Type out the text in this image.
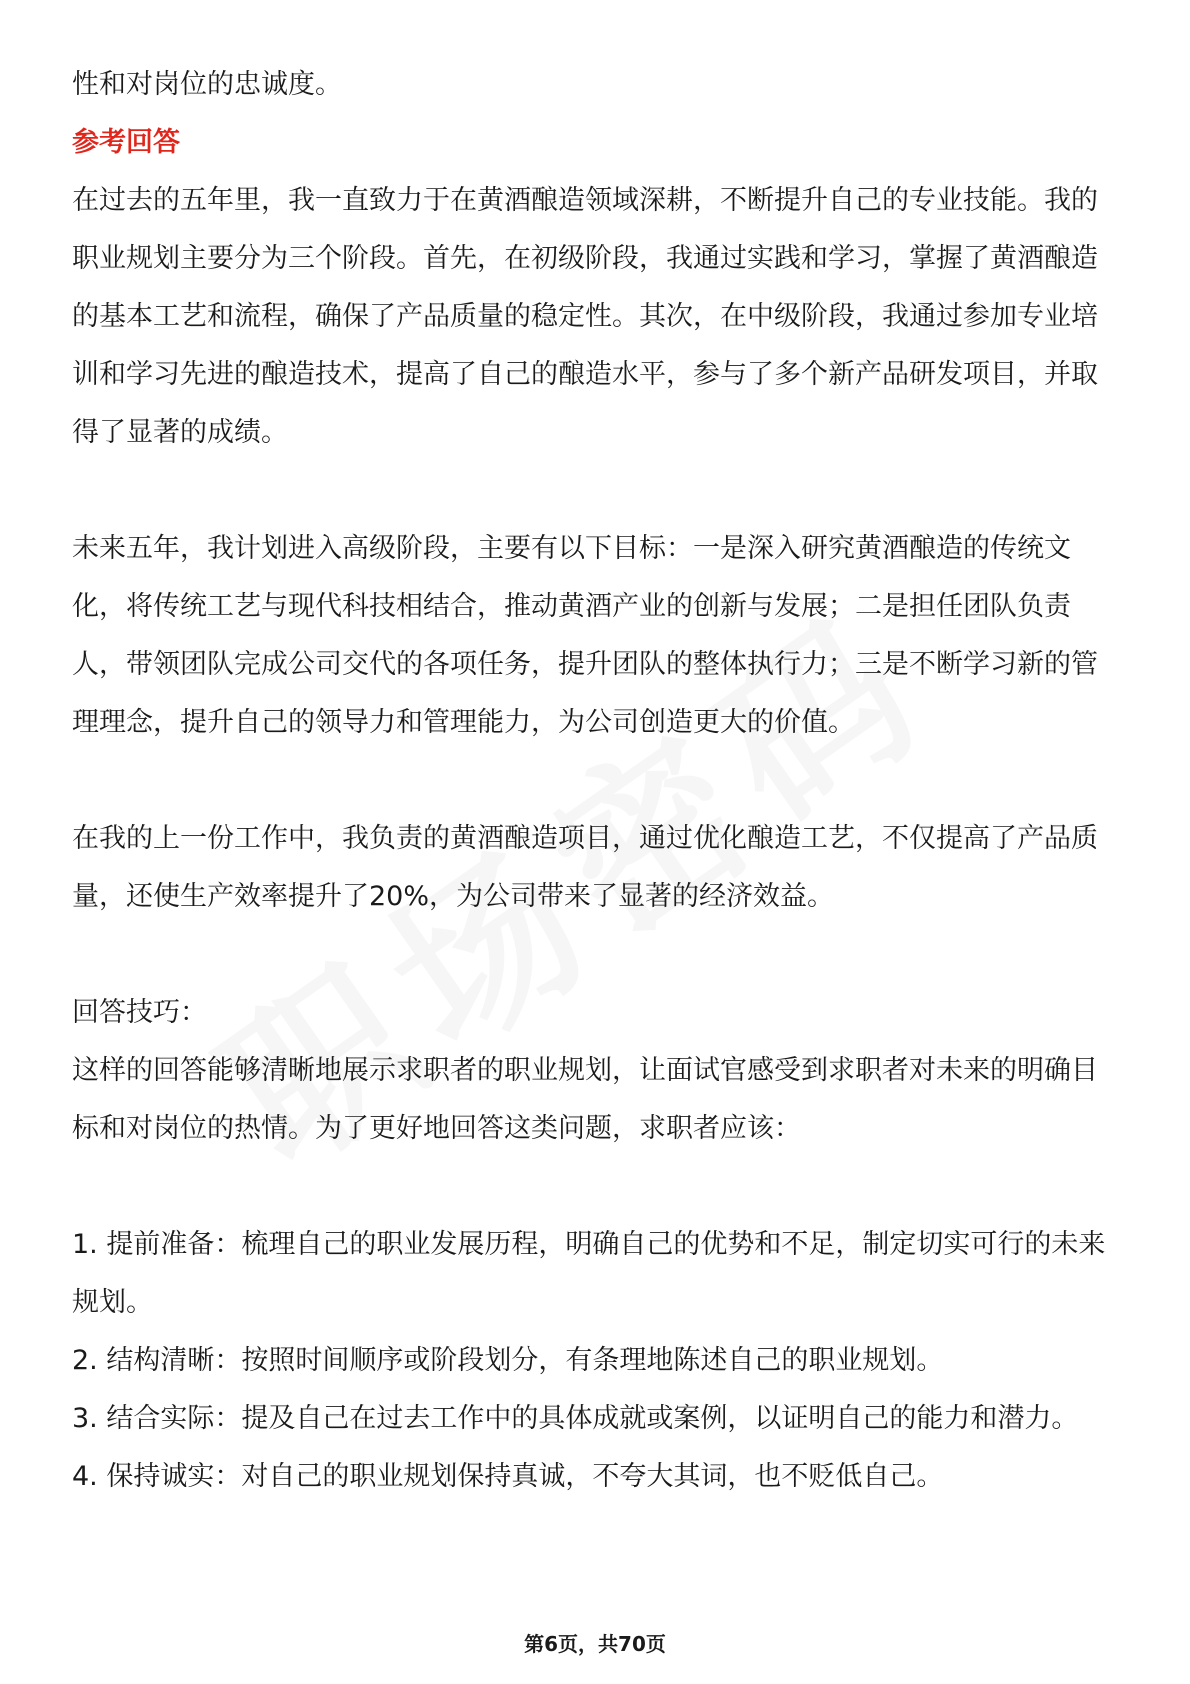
性和对岗位的忠诚度。

参考回答

在过去的五年里，我一直致力于在黄酒酿造领域深耕，不断提升自己的专业技能。我的职业规划主要分为三个阶段。首先，在初级阶段，我通过实践和学习，掌握了黄酒酿造的基本工艺和流程，确保了产品质量的稳定性。其次，在中级阶段，我通过参加专业培训和学习先进的酿造技术，提高了自己的酿造水平，参与了多个新产品研发项目，并取得了显著的成绩。

未来五年，我计划进入高级阶段，主要有以下目标：一是深入研究黄酒酿造的传统文化，将传统工艺与现代科技相结合，推动黄酒产业的创新与发展；二是担任团队负责人，带领团队完成公司交代的各项任务，提升团队的整体执行力；三是不断学习新的管理理念，提升自己的领导力和管理能力，为公司创造更大的价值。

在我的上一份工作中，我负责的黄酒酿造项目，通过优化酿造工艺，不仅提高了产品质量，还使生产效率提升了20%，为公司带来了显著的经济效益。

回答技巧：

这样的回答能够清晰地展示求职者的职业规划，让面试官感受到求职者对未来的明确目标和对岗位的热情。为了更好地回答这类问题，求职者应该：

1. 提前准备：梳理自己的职业发展历程，明确自己的优势和不足，制定切实可行的未来规划。

2. 结构清晰：按照时间顺序或阶段划分，有条理地陈述自己的职业规划。

3. 结合实际：提及自己在过去工作中的具体成就或案例，以证明自己的能力和潜力。

4. 保持诚实：对自己的职业规划保持真诚，不夸大其词，也不贬低自己。

第6页，共70页
